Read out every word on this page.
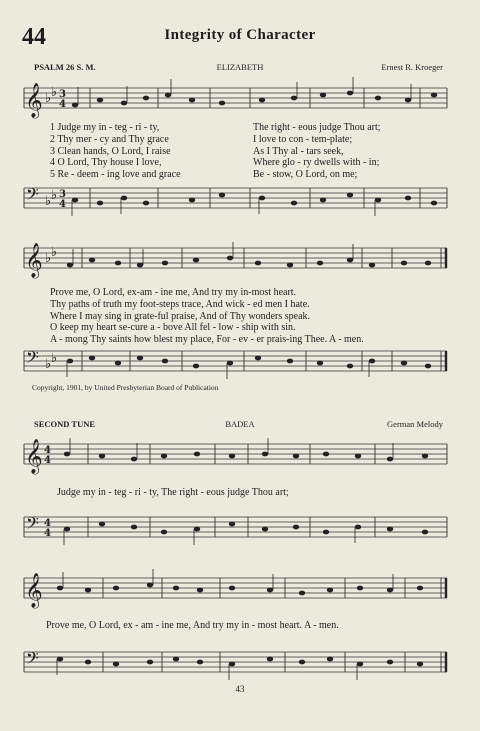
44	Integrity of Character
PSALM 26 S. M.	ELIZABETH	Ernest R. Kroeger
𝄞 ♭ ♭ 3
4
1 Judge my in - teg - ri - ty,	The right - eous judge Thou art;
2 Thy mer - cy and Thy grace	I love to con - tem-plate;
3 Clean hands, O Lord, I raise	As I Thy al - tars seek,
4 O Lord, Thy house I love,	Where glo - ry dwells with - in;
5 Re - deem - ing love and grace	Be - stow, O Lord, on me;
𝄢 ♭ ♭ 3
4
𝄞 ♭ ♭
Prove me, O Lord, ex-am - ine me, And try my in-most heart.
Thy paths of truth my foot-steps trace, And wick - ed men I hate.
Where I may sing in grate-ful praise, And of Thy wonders speak.
O keep my heart se-cure a - bove All fel - low - ship with sin.
A - mong Thy saints how blest my place, For - ev - er prais-ing Thee. A - men.
𝄢 ♭ ♭
Copyright, 1901, by United Presbyterian Board of Publication
SECOND TUNE	BADEA	German Melody
𝄞 4
4
Judge my in - teg - ri - ty, The right - eous judge Thou art;
𝄢 4
4
𝄞
Prove me, O Lord, ex - am - ine me, And try my in - most heart. A - men.
𝄢
43
